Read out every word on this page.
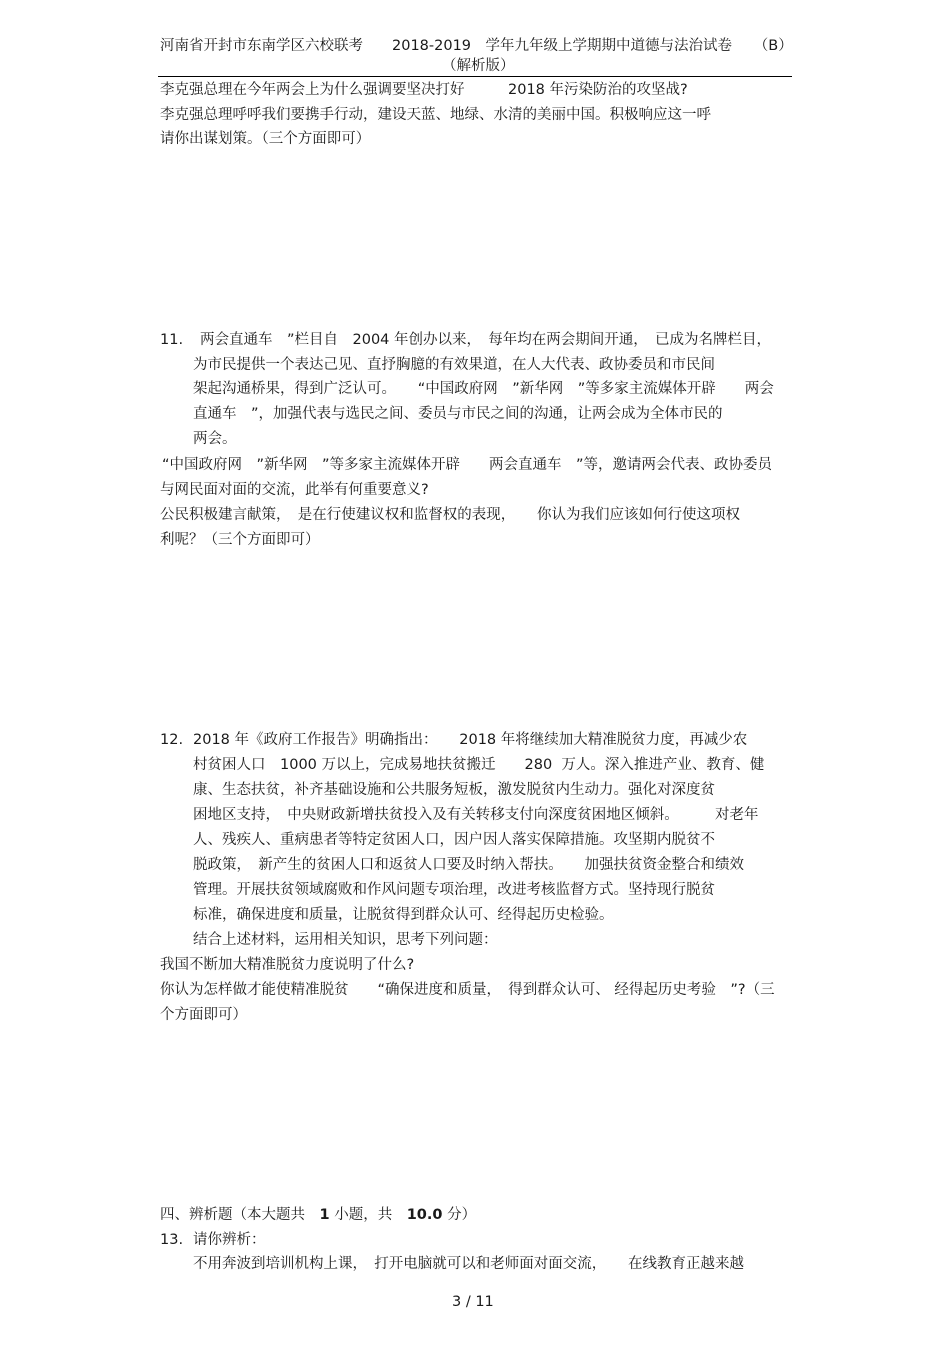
河南省开封市东南学区六校联考　　2018-2019　学年九年级上学期期中道德与法治试卷　　（B）
（解析版）
李克强总理在今年两会上为什么强调要坚决打好　　　2018 年污染防治的攻坚战?
李克强总理呼呼我们要携手行动，建设天蓝、地绿、水清的美丽中国。积极响应这一呼
请你出谋划策。（三个方面即可）
11. 两会直通车　”栏目自　2004 年创办以来，　每年均在两会期间开通，　已成为名牌栏目，
为市民提供一个表达己见、直抒胸臆的有效果道，在人大代表、政协委员和市民间
架起沟通桥果，得到广泛认可。　　“中国政府网　”新华网　”等多家主流媒体开辟　　两会
直通车　”，加强代表与选民之间、委员与市民之间的沟通，让两会成为全体市民的
两会。
“中国政府网　”新华网　”等多家主流媒体开辟　　两会直通车　”等，邀请两会代表、政协委员
与网民面对面的交流，此举有何重要意义?
公民积极建言献策，　是在行使建议权和监督权的表现，　　你认为我们应该如何行使这项权
利呢？（三个方面即可）
12. 2018 年《政府工作报告》明确指出：　　2018 年将继续加大精准脱贫力度，再减少农
村贫困人口　1000 万以上，完成易地扶贫搬迁　　280  万人。深入推进产业、教育、健
康、生态扶贫，补齐基础设施和公共服务短板，激发脱贫内生动力。强化对深度贫
困地区支持，　中央财政新增扶贫投入及有关转移支付向深度贫困地区倾斜。　　　对老年
人、残疾人、重病患者等特定贫困人口，因户因人落实保障措施。攻坚期内脱贫不
脱政策，　新产生的贫困人口和返贫人口要及时纳入帮扶。　　加强扶贫资金整合和绩效
管理。开展扶贫领域腐败和作风问题专项治理，改进考核监督方式。坚持现行脱贫
标准，确保进度和质量，让脱贫得到群众认可、经得起历史检验。
结合上述材料，运用相关知识，思考下列问题：
我国不断加大精准脱贫力度说明了什么?
你认为怎样做才能使精准脱贫　　“确保进度和质量，　得到群众认可、 经得起历史考验　”?（三
个方面即可）
四、辨析题（本大题共　1 小题，共　10.0 分）
13. 请你辨析：
不用奔波到培训机构上课，　打开电脑就可以和老师面对面交流，　　在线教育正越来越
3 / 11
